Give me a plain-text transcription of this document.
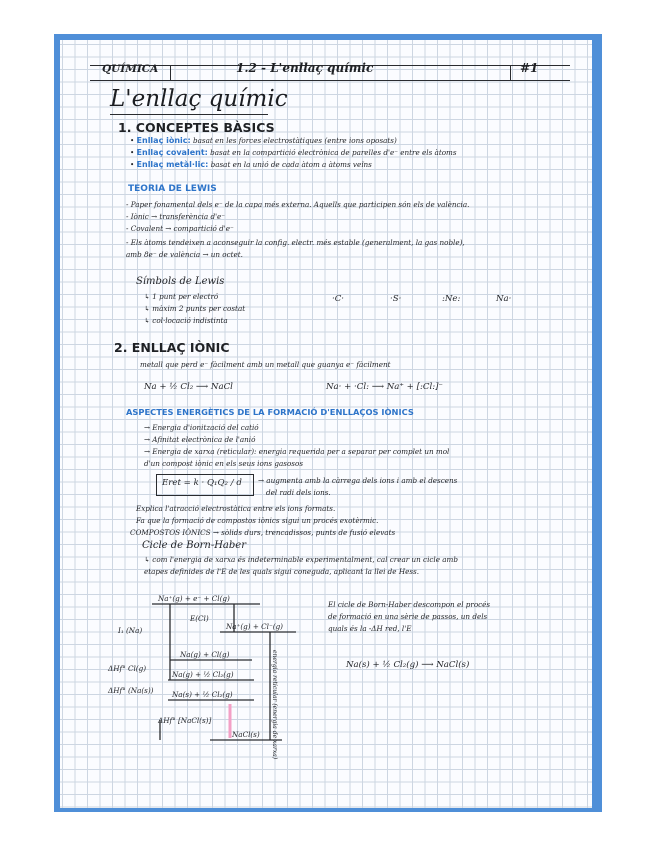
QUÍMICA	1.2 - L'enllaç químic	#1
L'enllaç químic
1. CONCEPTES BÀSICS
• Enllaç iònic: basat en les forces electrostàtiques (entre ions oposats)
• Enllaç covalent: basat en la compartició electrònica de parelles d'e⁻ entre els àtoms
• Enllaç metàl·lic: basat en la unió de cada àtom a àtoms veïns
TEORIA DE LEWIS
- Paper fonamental dels e⁻ de la capa més externa. Aquells que participen són els de valència.
- Iònic → transferència d'e⁻
- Covalent → compartició d'e⁻
- Els àtoms tendeixen a aconseguir la config. electr. més estable (generalment, la gas noble),
amb 8e⁻ de valència → un octet.
Símbols de Lewis
↳ 1 punt per electró
↳ màxim 2 punts per costat
↳ col·locació indistinta
·C·	·S·	:Ne:	Na·
2. ENLLAÇ IÒNIC
metall que perd e⁻ fàcilment amb un metall que guanya e⁻ fàcilment
Na + ½ Cl₂ ⟶ NaCl	Na· + ·Cl: ⟶ Na⁺ + [:Cl:]⁻
ASPECTES ENERGÈTICS DE LA FORMACIÓ D'ENLLAÇOS IÒNICS
→ Energia d'ionització del catió
→ Afinitat electrònica de l'anió
→ Energia de xarxa (reticular): energia requerida per a separar per complet un mol
d'un compost iònic en els seus ions gasosos
Eret = k · Q₁Q₂ / d → augmenta amb la càrrega dels ions i amb el descens
del radi dels ions.
Explica l'atracció electrostàtica entre els ions formats.
Fa que la formació de compostos iònics sigui un procés exotèrmic.
COMPOSTOS IÒNICS → sòlids durs, trencadissos, punts de fusió elevats
Cicle de Born-Haber
↳ com l'energia de xarxa és indeterminable experimentalment, cal crear un cicle amb
etapes definides de l'E de les quals sigui coneguda, aplicant la llei de Hess.
Na⁺(g) + e⁻ + Cl(g)
Na⁺(g) + Cl⁻(g)
Na(g) + Cl(g)
Na(g) + ½ Cl₂(g)
Na(s) + ½ Cl₂(g)
NaCl(s)
I₁ (Na)
ΔHf° Cl(g)
ΔHf° (Na(s))
ΔHf° [NaCl(s)]
E(Cl)
energia reticular (energia de xarxa)
El cicle de Born-Haber descompon el procés
de formació en una sèrie de passos, un dels
quals és la -ΔH red, l'E
Na(s) + ½ Cl₂(g) ⟶ NaCl(s)
